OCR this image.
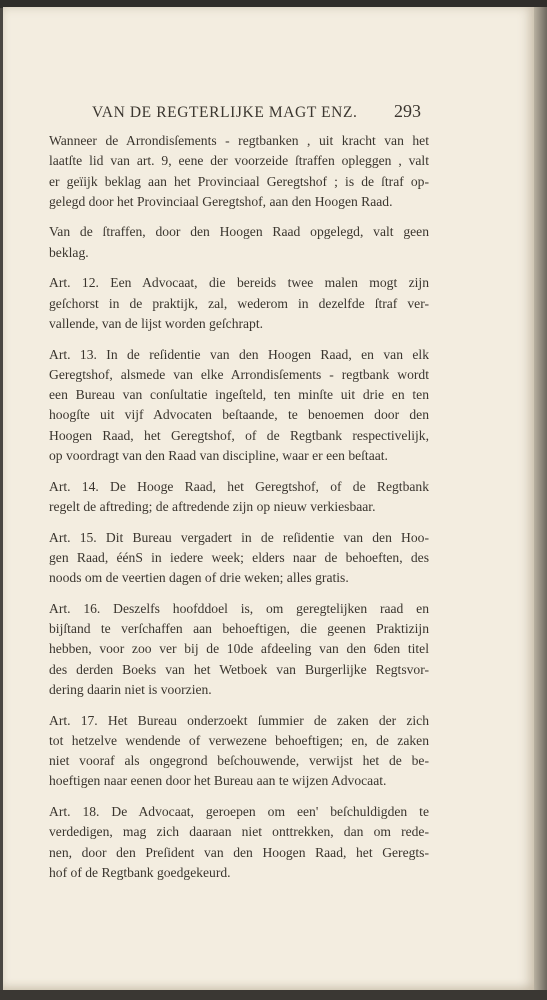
VAN DE REGTERLIJKE MAGT ENZ. 293

Wanneer de Arrondisſements - regtbanken , uit kracht van het
laatſte lid van art. 9, eene der voorzeide ſtraffen opleggen , valt
er geïijk beklag aan het Provinciaal Geregtshof ; is de ſtraf op-
gelegd door het Provinciaal Geregtshof, aan den Hoogen Raad.

Van de ſtraffen, door den Hoogen Raad opgelegd, valt geen
beklag.

Art. 12. Een Advocaat, die bereids twee malen mogt zijn
geſchorst in de praktijk, zal, wederom in dezelfde ſtraf ver-
vallende, van de lijst worden geſchrapt.

Art. 13. In de reſidentie van den Hoogen Raad, en van elk
Geregtshof, alsmede van elke Arrondisſements - regtbank wordt
een Bureau van conſultatie ingeſteld, ten minſte uit drie en ten
hoogſte uit vijf Advocaten beſtaande, te benoemen door den
Hoogen Raad, het Geregtshof, of de Regtbank respectivelijk,
op voordragt van den Raad van discipline, waar er een beſtaat.

Art. 14. De Hooge Raad, het Geregtshof, of de Regtbank
regelt de aftreding; de aftredende zijn op nieuw verkiesbaar.

Art. 15. Dit Bureau vergadert in de reſidentie van den Hoo-
gen Raad, éénS in iedere week; elders naar de behoeften, des
noods om de veertien dagen of drie weken; alles gratis.

Art. 16. Deszelfs hoofddoel is, om geregtelijken raad en
bijſtand te verſchaffen aan behoeftigen, die geenen Praktizijn
hebben, voor zoo ver bij de 10de afdeeling van den 6den titel
des derden Boeks van het Wetboek van Burgerlijke Regtsvor-
dering daarin niet is voorzien.

Art. 17. Het Bureau onderzoekt ſummier de zaken der zich
tot hetzelve wendende of verwezene behoeftigen; en, de zaken
niet vooraf als ongegrond beſchouwende, verwijst het de be-
hoeftigen naar eenen door het Bureau aan te wijzen Advocaat.

Art. 18. De Advocaat, geroepen om een' beſchuldigden te
verdedigen, mag zich daaraan niet onttrekken, dan om rede-
nen, door den Preſident van den Hoogen Raad, het Geregts-
hof of de Regtbank goedgekeurd.
